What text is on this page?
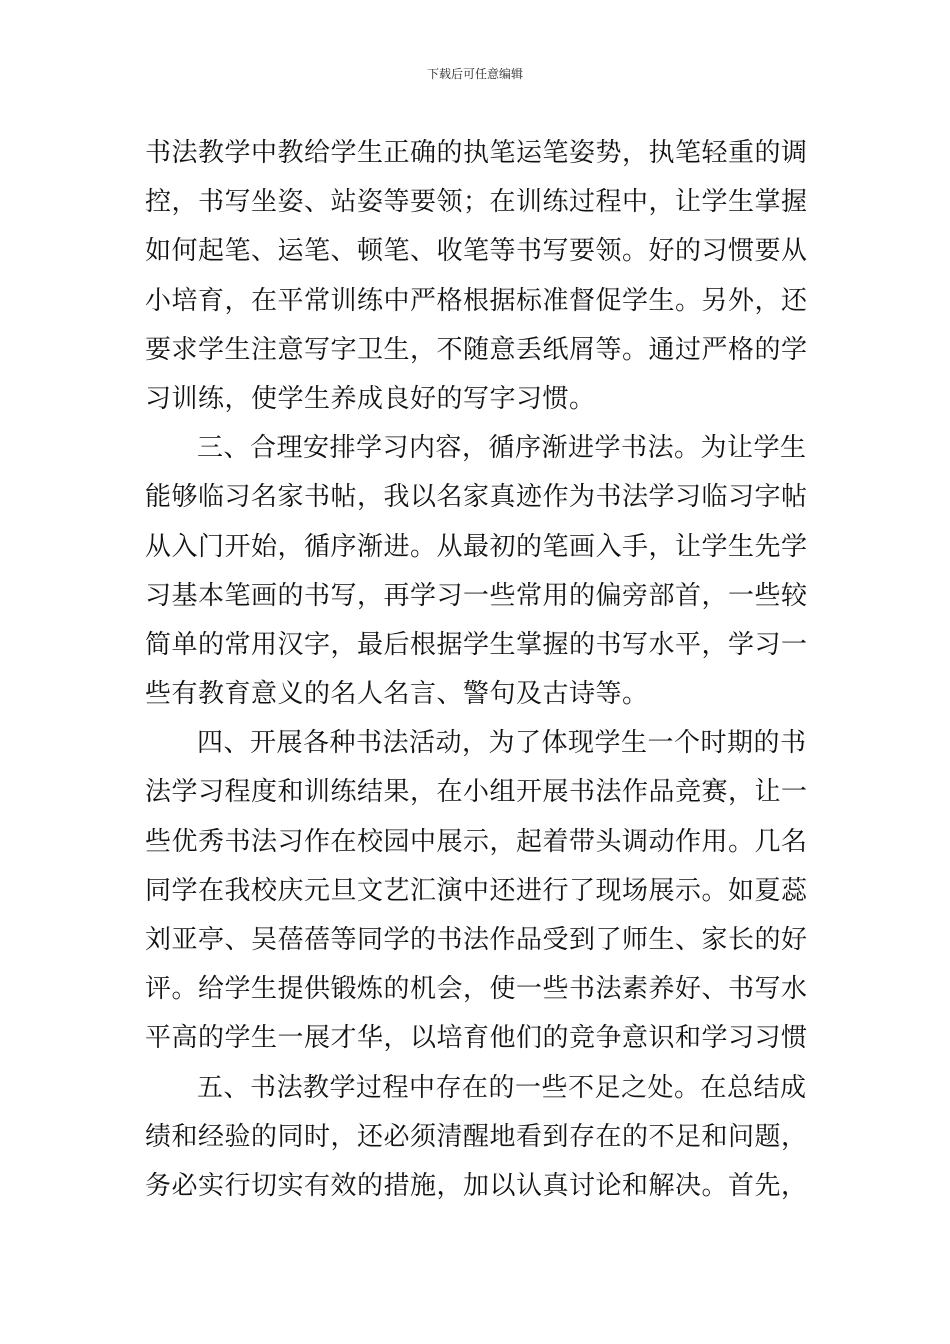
下载后可任意编辑
书法教学中教给学生正确的执笔运笔姿势，执笔轻重的调
控，书写坐姿、站姿等要领；在训练过程中，让学生掌握
如何起笔、运笔、顿笔、收笔等书写要领。好的习惯要从
小培育，在平常训练中严格根据标准督促学生。另外，还
要求学生注意写字卫生，不随意丢纸屑等。通过严格的学
习训练，使学生养成良好的写字习惯。
三、合理安排学习内容，循序渐进学书法。为让学生
能够临习名家书帖，我以名家真迹作为书法学习临习字帖
从入门开始，循序渐进。从最初的笔画入手，让学生先学
习基本笔画的书写，再学习一些常用的偏旁部首，一些较
简单的常用汉字，最后根据学生掌握的书写水平，学习一
些有教育意义的名人名言、警句及古诗等。
四、开展各种书法活动，为了体现学生一个时期的书
法学习程度和训练结果，在小组开展书法作品竞赛，让一
些优秀书法习作在校园中展示，起着带头调动作用。几名
同学在我校庆元旦文艺汇演中还进行了现场展示。如夏蕊
刘亚亭、吴蓓蓓等同学的书法作品受到了师生、家长的好
评。给学生提供锻炼的机会，使一些书法素养好、书写水
平高的学生一展才华，以培育他们的竞争意识和学习习惯
五、书法教学过程中存在的一些不足之处。在总结成
绩和经验的同时，还必须清醒地看到存在的不足和问题，
务必实行切实有效的措施，加以认真讨论和解决。首先，
